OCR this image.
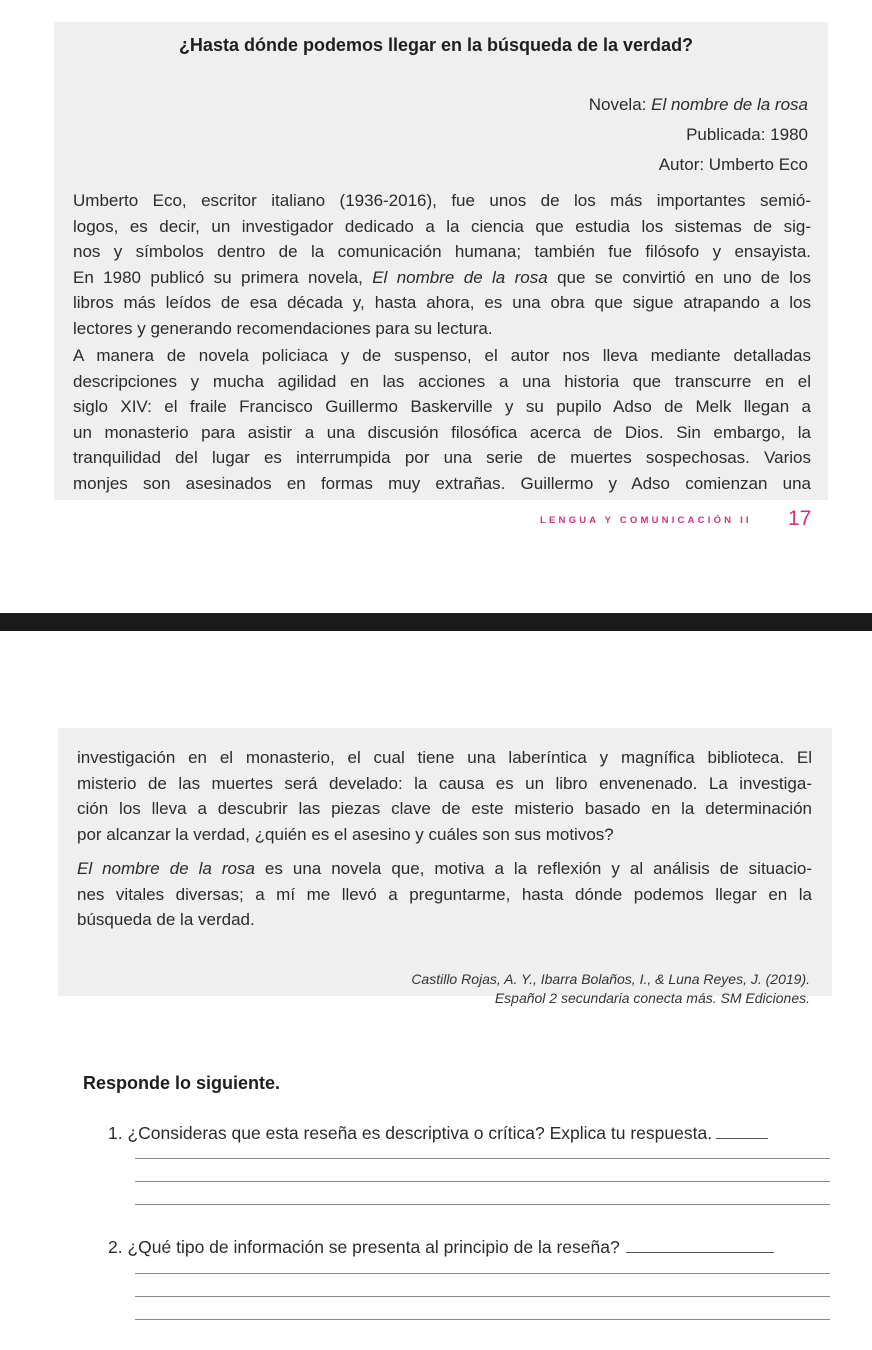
¿Hasta dónde podemos llegar en la búsqueda de la verdad?
Novela: El nombre de la rosa
Publicada: 1980
Autor: Umberto Eco
Umberto Eco, escritor italiano (1936-2016), fue unos de los más importantes semió-
logos, es decir, un investigador dedicado a la ciencia que estudia los sistemas de sig-
nos y símbolos dentro de la comunicación humana; también fue filósofo y ensayista.
En 1980 publicó su primera novela, El nombre de la rosa que se convirtió en uno de los
libros más leídos de esa década y, hasta ahora, es una obra que sigue atrapando a los
lectores y generando recomendaciones para su lectura.
A manera de novela policiaca y de suspenso, el autor nos lleva mediante detalladas
descripciones y mucha agilidad en las acciones a una historia que transcurre en el
siglo XIV: el fraile Francisco Guillermo Baskerville y su pupilo Adso de Melk llegan a
un monasterio para asistir a una discusión filosófica acerca de Dios. Sin embargo, la
tranquilidad del lugar es interrumpida por una serie de muertes sospechosas. Varios
monjes son asesinados en formas muy extrañas. Guillermo y Adso comienzan una
LENGUA Y COMUNICACIÓN II 17
investigación en el monasterio, el cual tiene una laberíntica y magnífica biblioteca. El
misterio de las muertes será develado: la causa es un libro envenenado. La investiga-
ción los lleva a descubrir las piezas clave de este misterio basado en la determinación
por alcanzar la verdad, ¿quién es el asesino y cuáles son sus motivos?
El nombre de la rosa es una novela que, motiva a la reflexión y al análisis de situacio-
nes vitales diversas; a mí me llevó a preguntarme, hasta dónde podemos llegar en la
búsqueda de la verdad.
Castillo Rojas, A. Y., Ibarra Bolaños, I., & Luna Reyes, J. (2019).
Español 2 secundaria conecta más. SM Ediciones.
Responde lo siguiente.
1. ¿Consideras que esta reseña es descriptiva o crítica? Explica tu respuesta.
2. ¿Qué tipo de información se presenta al principio de la reseña?
